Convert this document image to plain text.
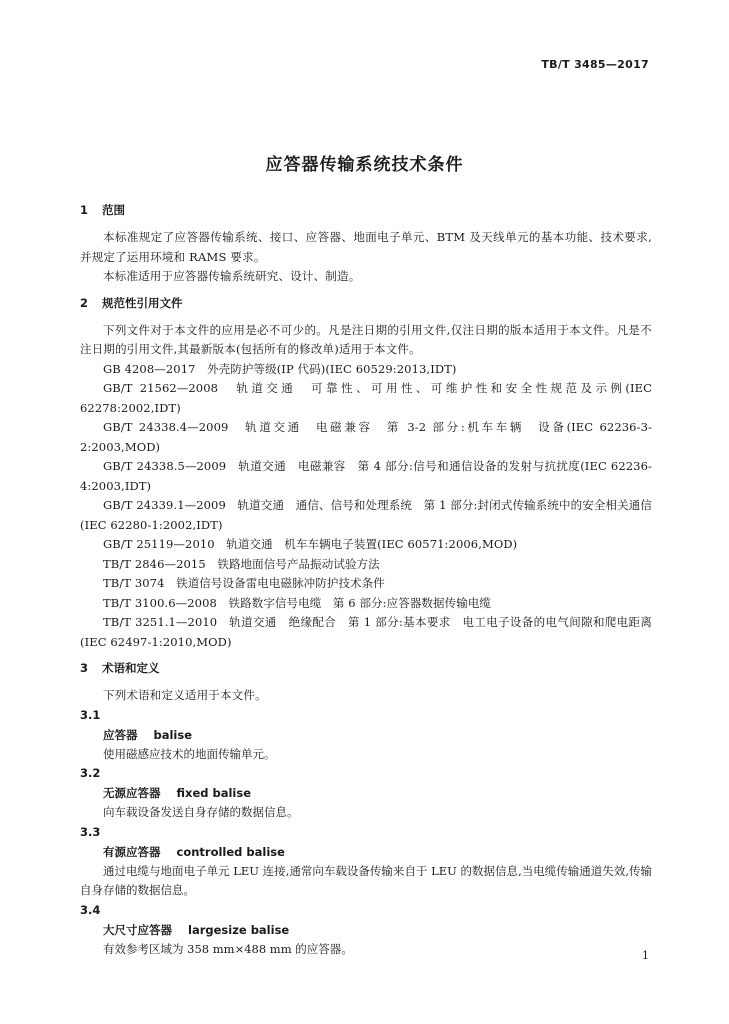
TB/T 3485—2017
应答器传输系统技术条件
1 范围

本标准规定了应答器传输系统、接口、应答器、地面电子单元、BTM 及天线单元的基本功能、技术要求,并规定了运用环境和 RAMS 要求。

本标准适用于应答器传输系统研究、设计、制造。

2 规范性引用文件

下列文件对于本文件的应用是必不可少的。凡是注日期的引用文件,仅注日期的版本适用于本文件。凡是不注日期的引用文件,其最新版本(包括所有的修改单)适用于本文件。

GB 4208—2017　外壳防护等级(IP 代码)(IEC 60529:2013,IDT)

GB/T 21562—2008　轨道交通　可靠性、可用性、可维护性和安全性规范及示例(IEC 62278:2002,IDT)

GB/T 24338.4—2009　轨道交通　电磁兼容　第 3-2 部分:机车车辆　设备(IEC 62236-3-2:2003,MOD)

GB/T 24338.5—2009　轨道交通　电磁兼容　第 4 部分:信号和通信设备的发射与抗扰度(IEC 62236-4:2003,IDT)

GB/T 24339.1—2009　轨道交通　通信、信号和处理系统　第 1 部分:封闭式传输系统中的安全相关通信(IEC 62280-1:2002,IDT)

GB/T 25119—2010　轨道交通　机车车辆电子装置(IEC 60571:2006,MOD)

TB/T 2846—2015　铁路地面信号产品振动试验方法

TB/T 3074　铁道信号设备雷电电磁脉冲防护技术条件

TB/T 3100.6—2008　铁路数字信号电缆　第 6 部分:应答器数据传输电缆

TB/T 3251.1—2010　轨道交通　绝缘配合　第 1 部分:基本要求　电工电子设备的电气间隙和爬电距离(IEC 62497-1:2010,MOD)

3 术语和定义

下列术语和定义适用于本文件。

3.1

应答器 balise

使用磁感应技术的地面传输单元。

3.2

无源应答器 fixed balise

向车载设备发送自身存储的数据信息。

3.3

有源应答器 controlled balise

通过电缆与地面电子单元 LEU 连接,通常向车载设备传输来自于 LEU 的数据信息,当电缆传输通道失效,传输自身存储的数据信息。

3.4

大尺寸应答器 largesize balise

有效参考区域为 358 mm×488 mm 的应答器。	1
